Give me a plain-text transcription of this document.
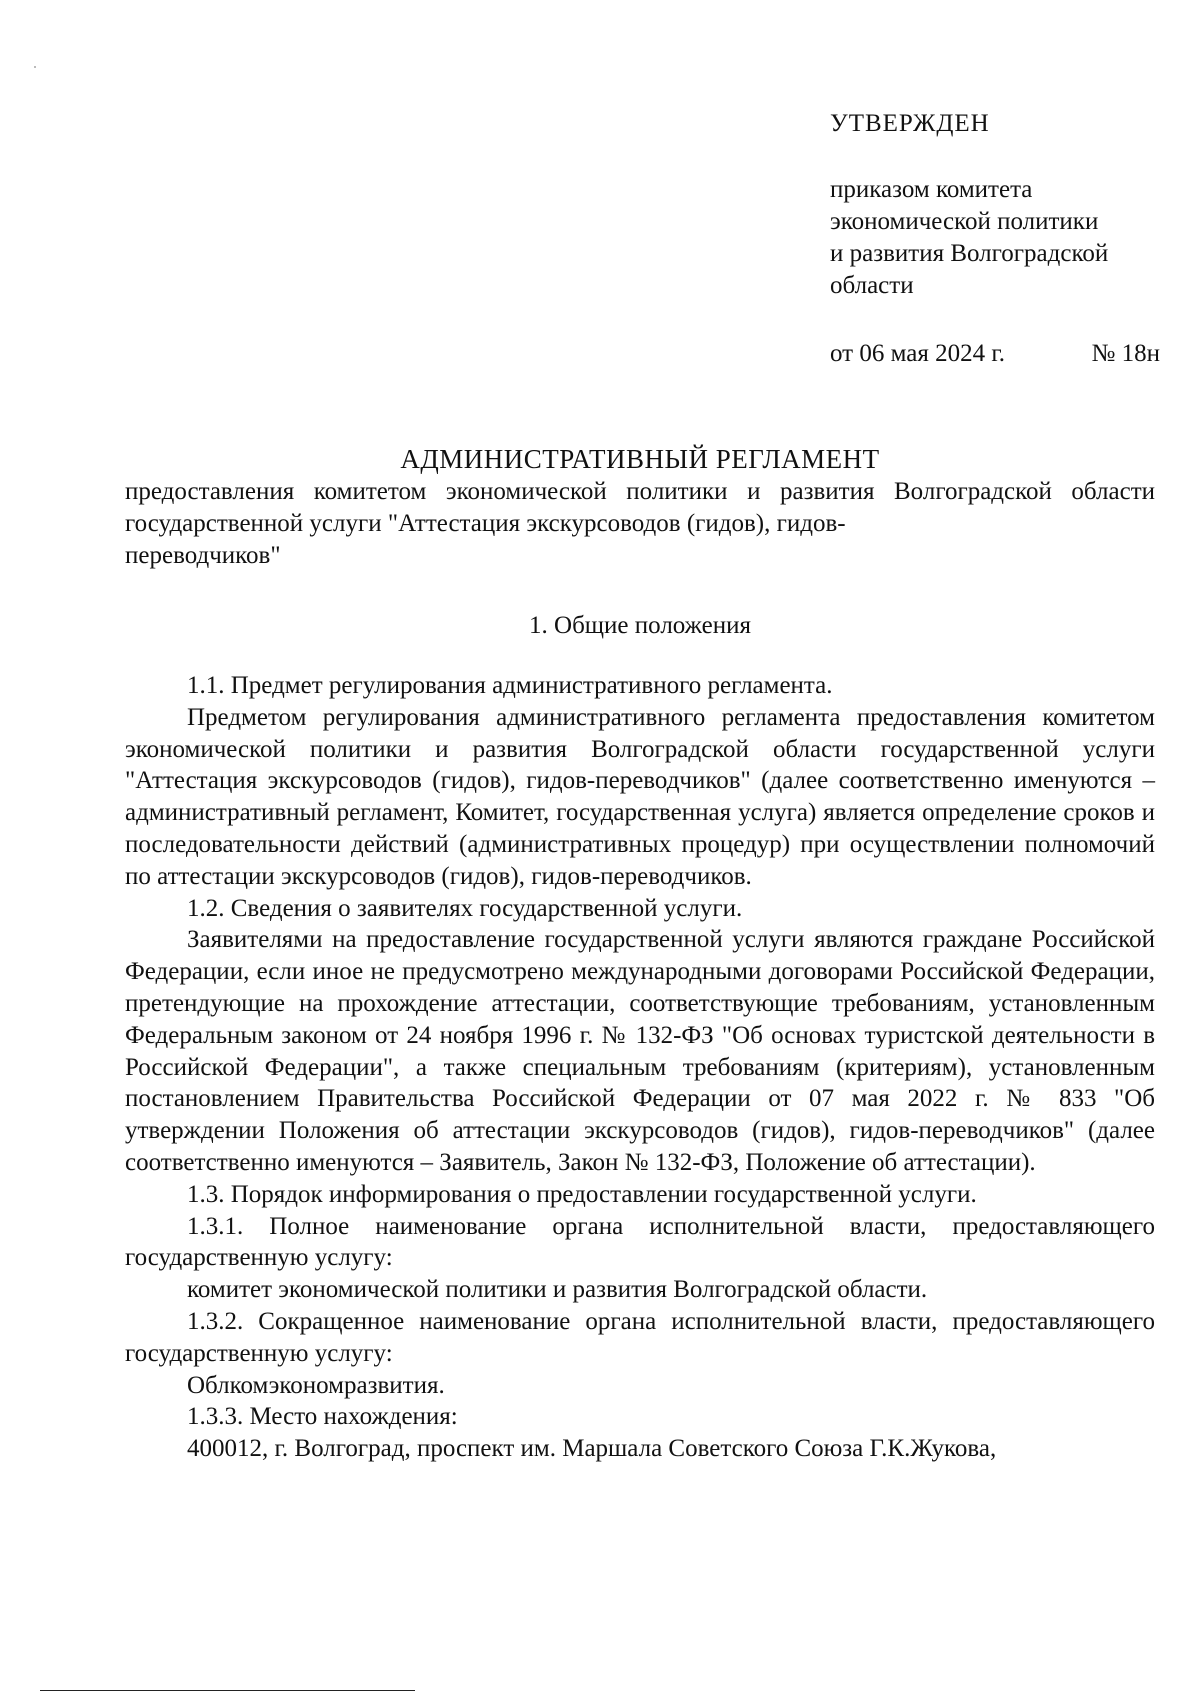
УТВЕРЖДЕН
приказом комитета
экономической политики
и развития Волгоградской
области
от 06 мая 2024 г.	№ 18н
АДМИНИСТРАТИВНЫЙ РЕГЛАМЕНТ
предоставления комитетом экономической политики и развития Волгоградской области государственной услуги "Аттестация экскурсоводов (гидов), гидов-
переводчиков"
1. Общие положения

1.1. Предмет регулирования административного регламента.

Предметом регулирования административного регламента предоставления комитетом экономической политики и развития Волгоградской области государственной услуги "Аттестация экскурсоводов (гидов), гидов-переводчиков" (далее соответственно именуются – административный регламент, Комитет, государственная услуга) является определение сроков и последовательности действий (административных процедур) при осуществлении полномочий по аттестации экскурсоводов (гидов), гидов-переводчиков.

1.2. Сведения о заявителях государственной услуги.

Заявителями на предоставление государственной услуги являются граждане Российской Федерации, если иное не предусмотрено международными договорами Российской Федерации, претендующие на прохождение аттестации, соответствующие требованиям, установленным Федеральным законом от 24 ноября 1996 г. № 132-ФЗ "Об основах туристской деятельности в Российской Федерации", а также специальным требованиям (критериям), установленным постановлением Правительства Российской Федерации от 07 мая 2022 г. № 833 "Об утверждении Положения об аттестации экскурсоводов (гидов), гидов-переводчиков" (далее соответственно именуются – Заявитель, Закон № 132-ФЗ, Положение об аттестации).

1.3. Порядок информирования о предоставлении государственной услуги.

1.3.1. Полное наименование органа исполнительной власти, предоставляющего государственную услугу:

комитет экономической политики и развития Волгоградской области.

1.3.2. Сокращенное наименование органа исполнительной власти, предоставляющего государственную услугу:

Облкомэкономразвития.

1.3.3. Место нахождения:

400012, г. Волгоград, проспект им. Маршала Советского Союза Г.К.Жукова,
